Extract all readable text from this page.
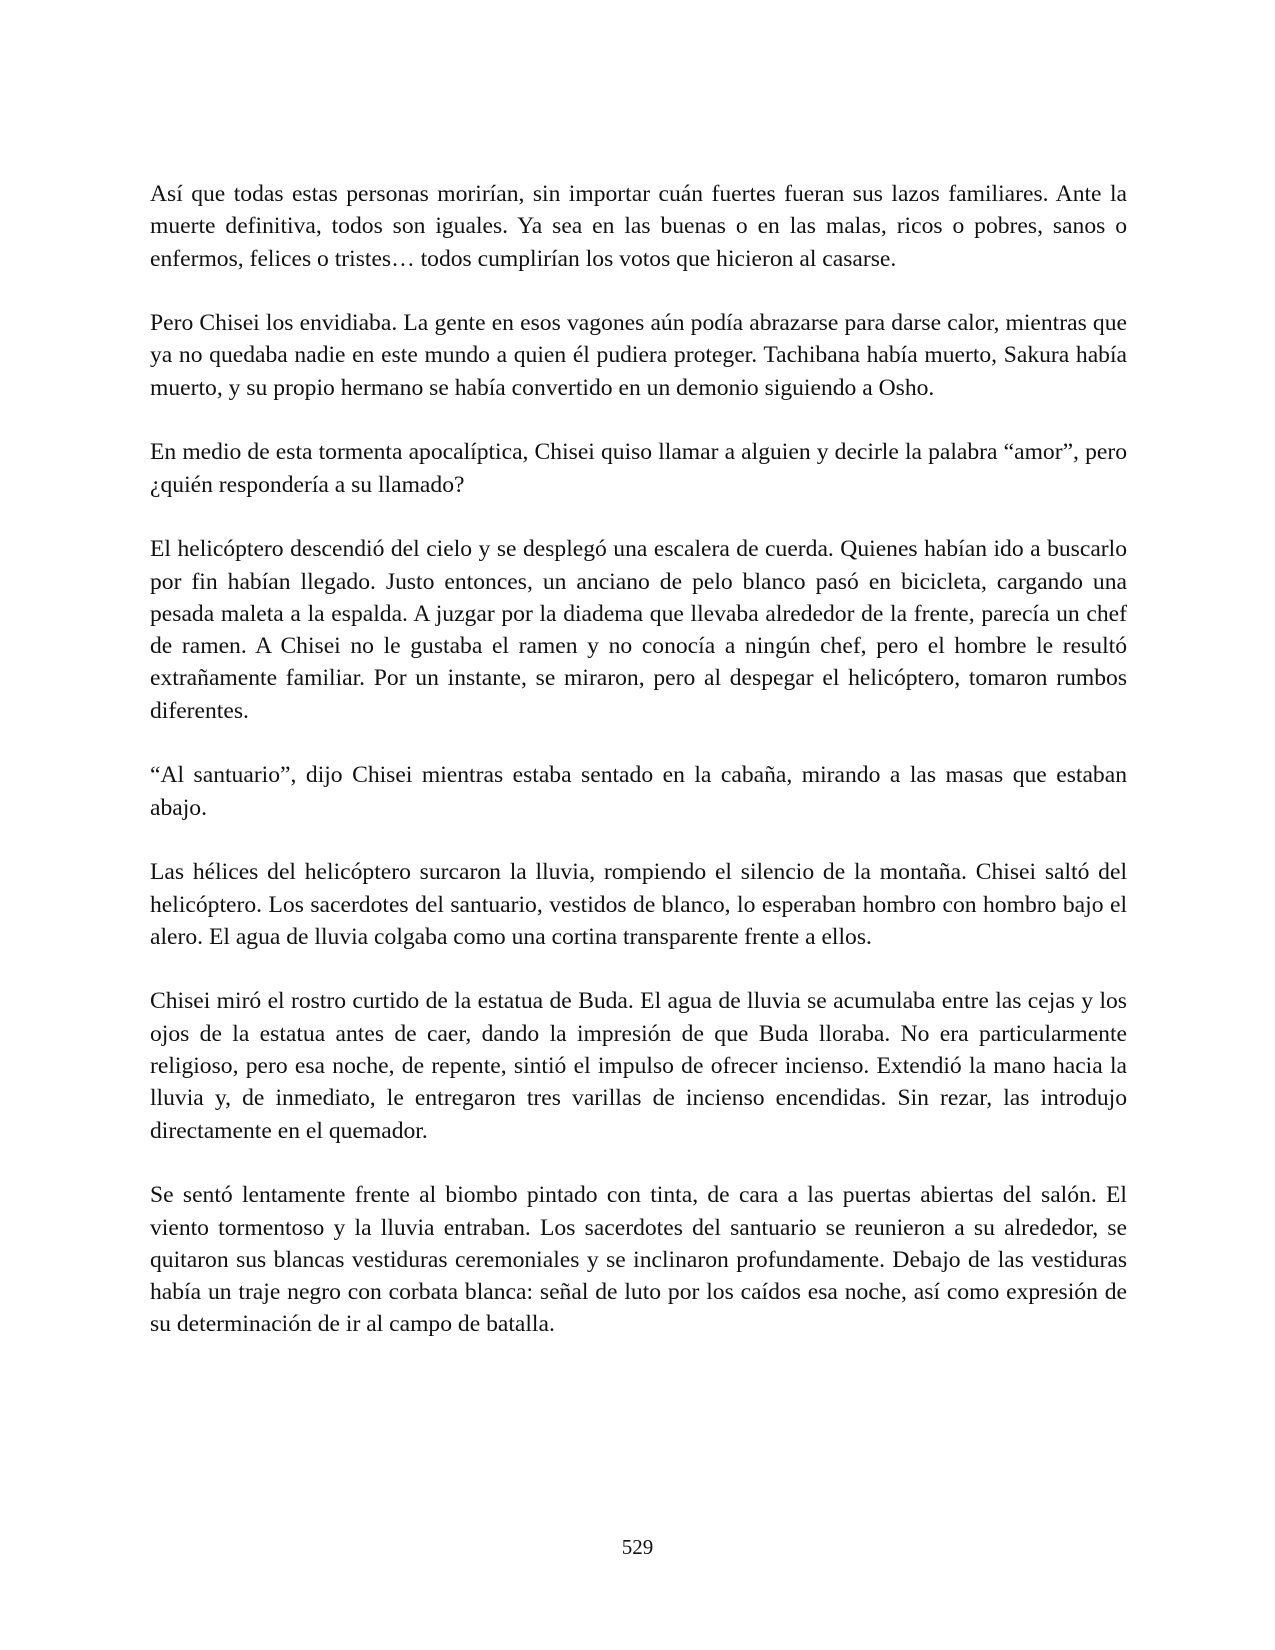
Así que todas estas personas morirían, sin importar cuán fuertes fueran sus lazos familiares. Ante la muerte definitiva, todos son iguales. Ya sea en las buenas o en las malas, ricos o pobres, sanos o enfermos, felices o tristes… todos cumplirían los votos que hicieron al casarse.

Pero Chisei los envidiaba. La gente en esos vagones aún podía abrazarse para darse calor, mientras que ya no quedaba nadie en este mundo a quien él pudiera proteger. Tachibana había muerto, Sakura había muerto, y su propio hermano se había convertido en un demonio siguiendo a Osho.

En medio de esta tormenta apocalíptica, Chisei quiso llamar a alguien y decirle la palabra “amor”, pero ¿quién respondería a su llamado?

El helicóptero descendió del cielo y se desplegó una escalera de cuerda. Quienes habían ido a buscarlo por fin habían llegado. Justo entonces, un anciano de pelo blanco pasó en bicicleta, cargando una pesada maleta a la espalda. A juzgar por la diadema que llevaba alrededor de la frente, parecía un chef de ramen. A Chisei no le gustaba el ramen y no conocía a ningún chef, pero el hombre le resultó extrañamente familiar. Por un instante, se miraron, pero al despegar el helicóptero, tomaron rumbos diferentes.

“Al santuario”, dijo Chisei mientras estaba sentado en la cabaña, mirando a las masas que estaban abajo.

Las hélices del helicóptero surcaron la lluvia, rompiendo el silencio de la montaña. Chisei saltó del helicóptero. Los sacerdotes del santuario, vestidos de blanco, lo esperaban hombro con hombro bajo el alero. El agua de lluvia colgaba como una cortina transparente frente a ellos.

Chisei miró el rostro curtido de la estatua de Buda. El agua de lluvia se acumulaba entre las cejas y los ojos de la estatua antes de caer, dando la impresión de que Buda lloraba. No era particularmente religioso, pero esa noche, de repente, sintió el impulso de ofrecer incienso. Extendió la mano hacia la lluvia y, de inmediato, le entregaron tres varillas de incienso encendidas. Sin rezar, las introdujo directamente en el quemador.

Se sentó lentamente frente al biombo pintado con tinta, de cara a las puertas abiertas del salón. El viento tormentoso y la lluvia entraban. Los sacerdotes del santuario se reunieron a su alrededor, se quitaron sus blancas vestiduras ceremoniales y se inclinaron profundamente. Debajo de las vestiduras había un traje negro con corbata blanca: señal de luto por los caídos esa noche, así como expresión de su determinación de ir al campo de batalla.

529
